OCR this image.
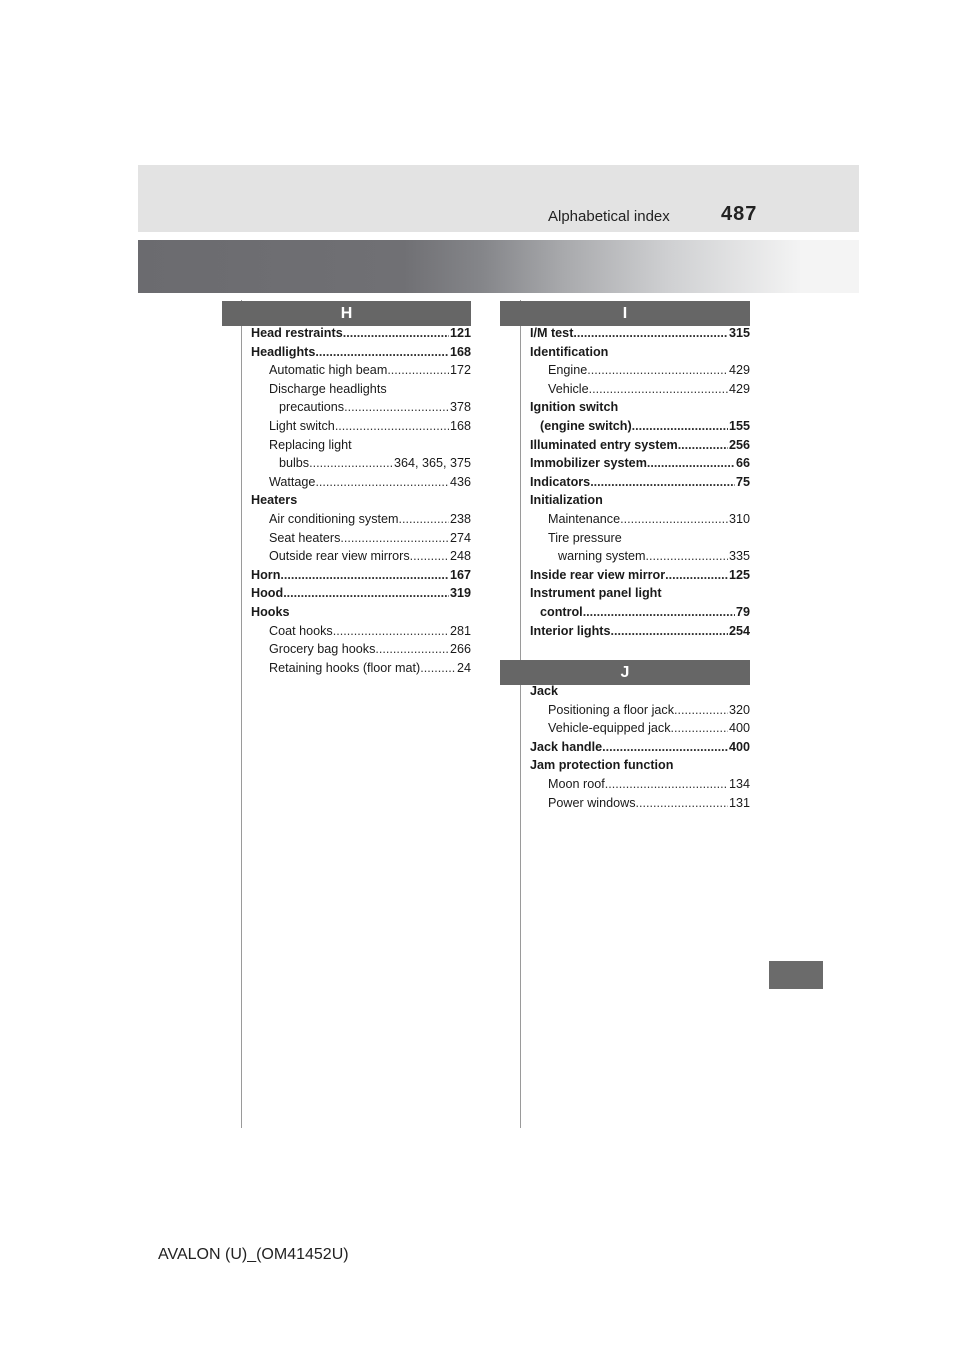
Alphabetical index	487
H
Head restraints .....	121
Headlights .....	168
Automatic high beam .....	172
Discharge headlights
precautions .....	378
Light switch .....	168
Replacing light
bulbs .....	364, 365, 375
Wattage .....	436
Heaters
Air conditioning system .....	238
Seat heaters .....	274
Outside rear view mirrors .....	248
Horn .....	167
Hood .....	319
Hooks
Coat hooks .....	281
Grocery bag hooks .....	266
Retaining hooks (floor mat) .....	24
I
I/M test .....	315
Identification
Engine .....	429
Vehicle .....	429
Ignition switch
(engine switch) .....	155
Illuminated entry system .....	256
Immobilizer system .....	66
Indicators .....	75
Initialization
Maintenance .....	310
Tire pressure
warning system .....	335
Inside rear view mirror .....	125
Instrument panel light
control .....	79
Interior lights .....	254
J
Jack
Positioning a floor jack .....	320
Vehicle-equipped jack .....	400
Jack handle .....	400
Jam protection function
Moon roof .....	134
Power windows .....	131
AVALON (U)_(OM41452U)
